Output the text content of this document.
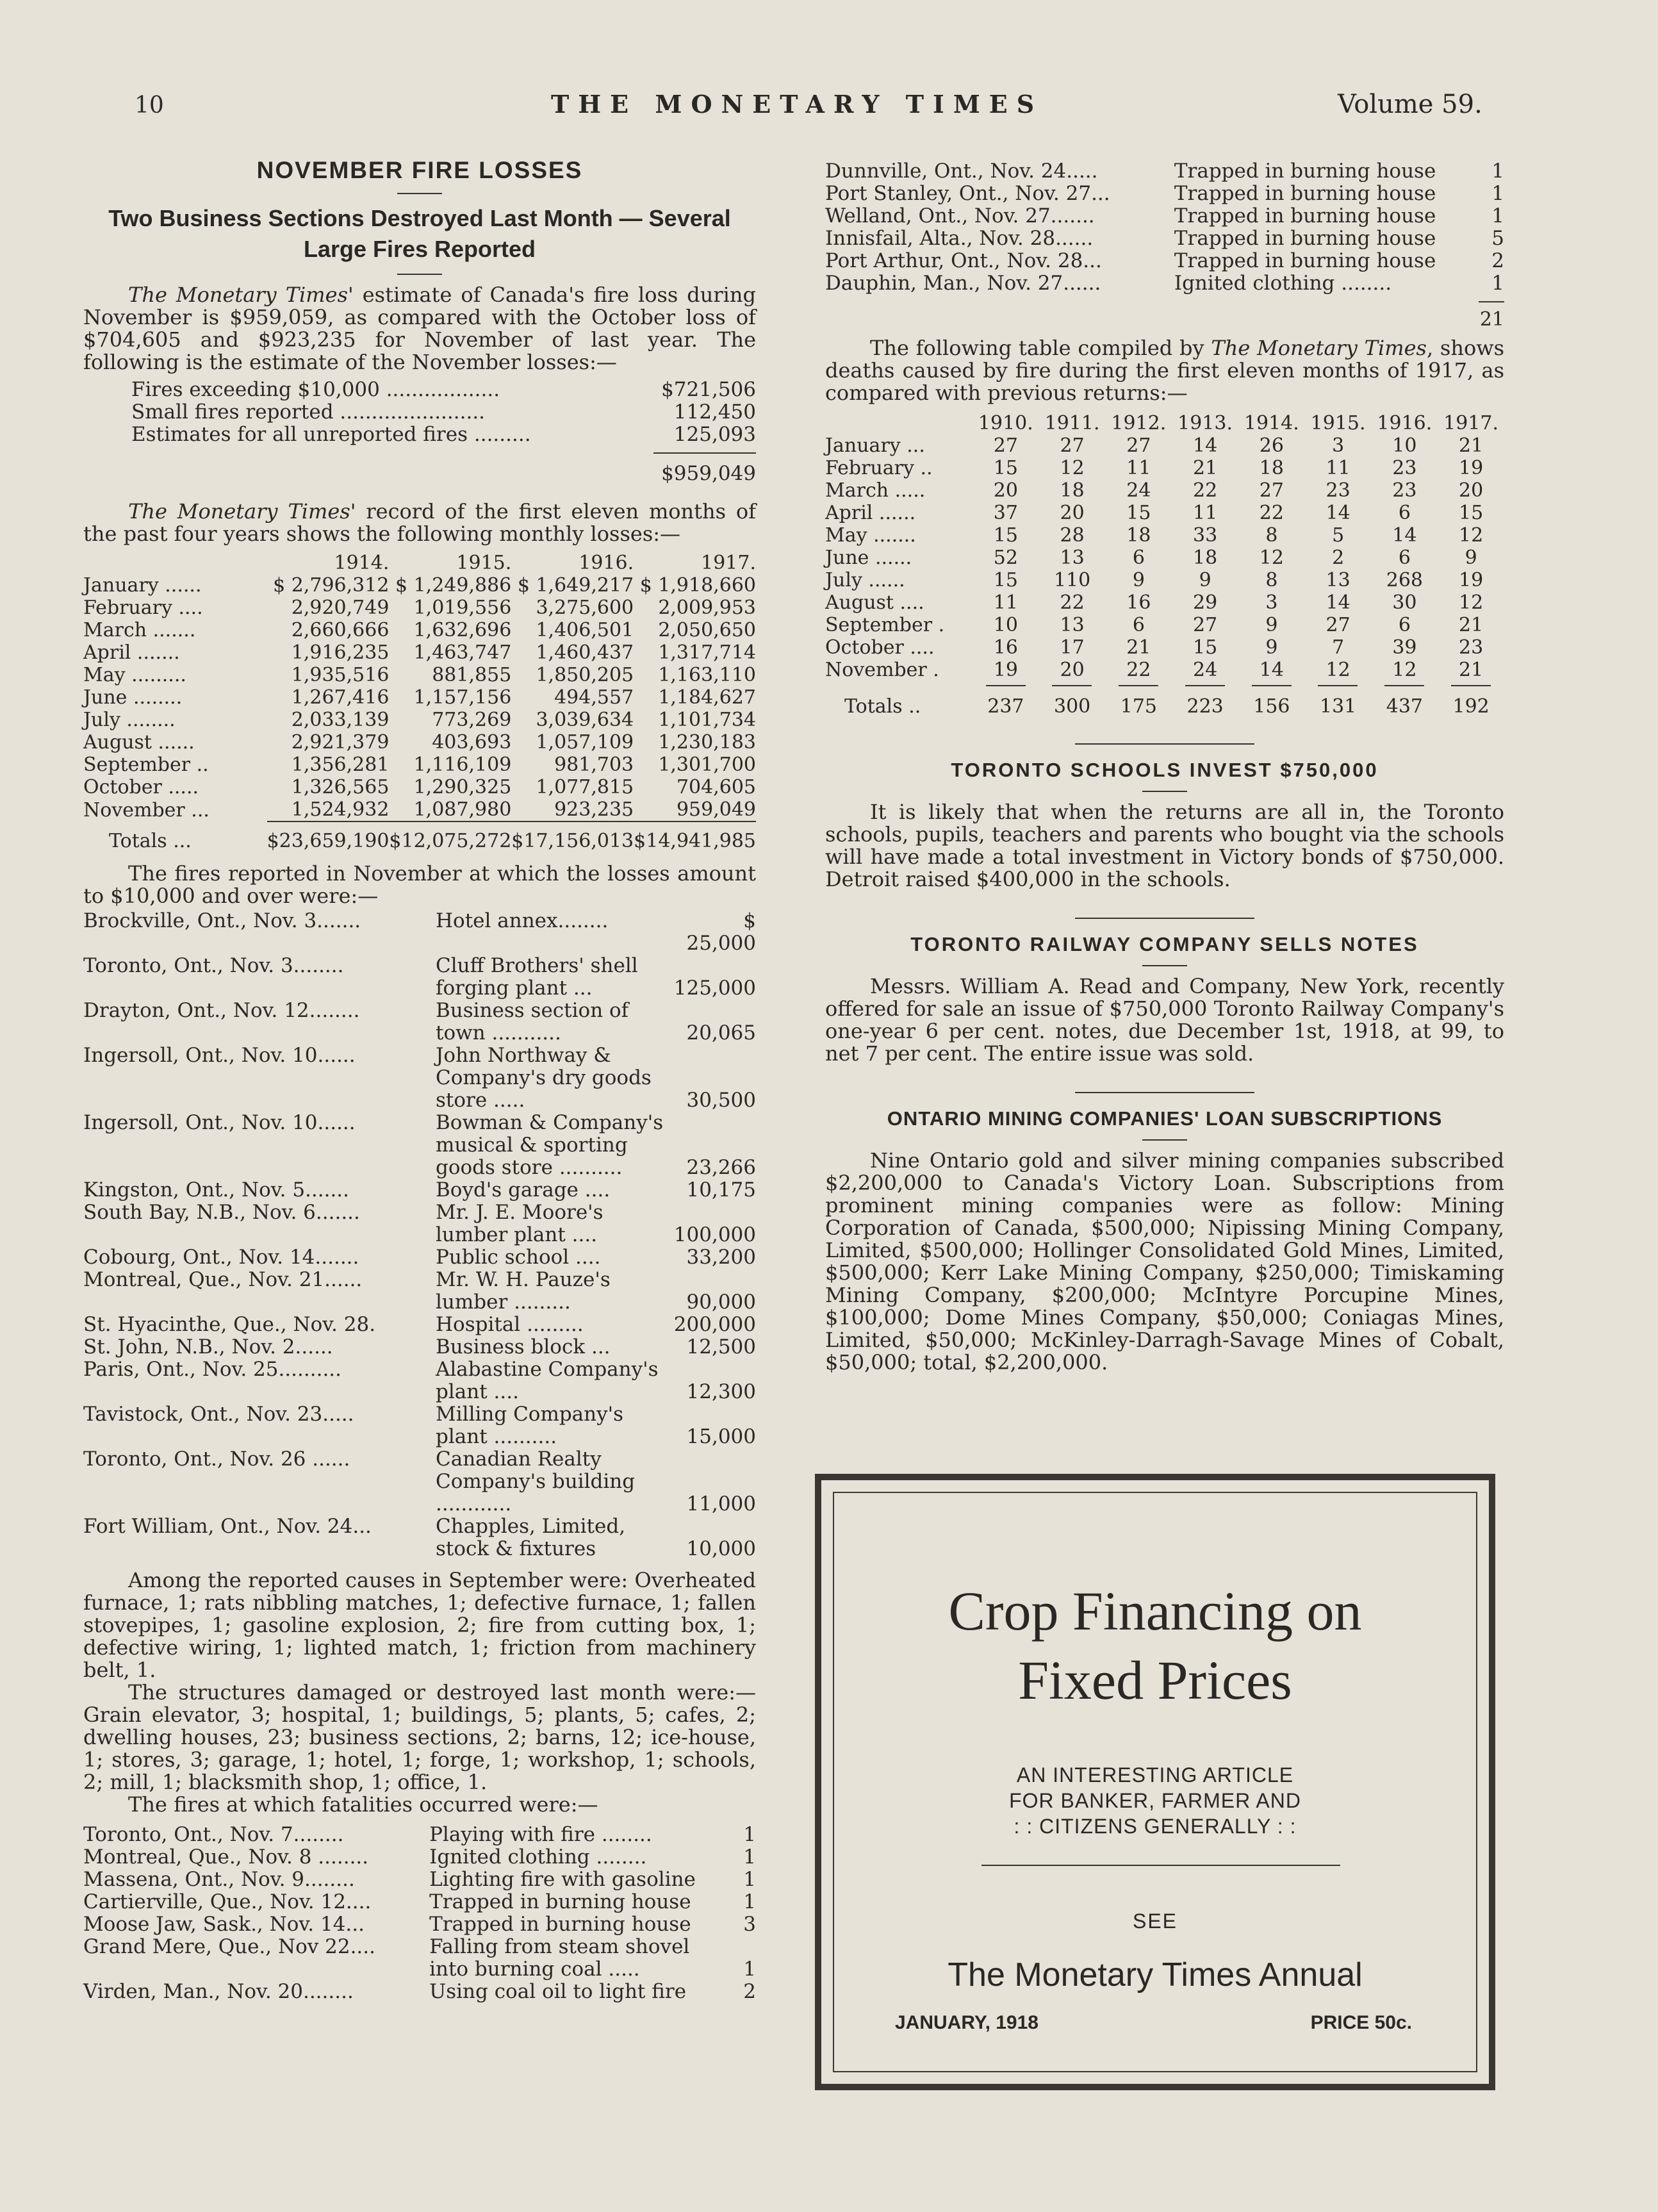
10	THE MONETARY TIMES	Volume 59.
NOVEMBER FIRE LOSSES
Two Business Sections Destroyed Last Month — Several Large Fires Reported

The Monetary Times' estimate of Canada's fire loss during November is $959,059, as compared with the October loss of $704,605 and $923,235 for November of last year. The following is the estimate of the November losses:—

Fires exceeding $10,000 ..................	$721,506
Small fires reported .......................	112,450
Estimates for all unreported fires .........	125,093
$959,049

The Monetary Times' record of the first eleven months of the past four years shows the following monthly losses:—

	1914.	1915.	1916.	1917.
January ......	$ 2,796,312	$ 1,249,886	$ 1,649,217	$ 1,918,660
February ....	2,920,749	1,019,556	3,275,600	2,009,953
March .......	2,660,666	1,632,696	1,406,501	2,050,650
April .......	1,916,235	1,463,747	1,460,437	1,317,714
May .........	1,935,516	881,855	1,850,205	1,163,110
June ........	1,267,416	1,157,156	494,557	1,184,627
July ........	2,033,139	773,269	3,039,634	1,101,734
August ......	2,921,379	403,693	1,057,109	1,230,183
September ..	1,356,281	1,116,109	981,703	1,301,700
October .....	1,326,565	1,290,325	1,077,815	704,605
November ...	1,524,932	1,087,980	923,235	959,049
Totals ...	$23,659,190	$12,075,272	$17,156,013	$14,941,985

The fires reported in November at which the losses amount to $10,000 and over were:—

Brockville, Ont., Nov. 3.......	Hotel annex........	$ 25,000
Toronto, Ont., Nov. 3........	Cluff Brothers' shell forging plant ...	125,000
Drayton, Ont., Nov. 12........	Business section of town ...........	20,065
Ingersoll, Ont., Nov. 10......	John Northway & Company's dry goods store .....	30,500
Ingersoll, Ont., Nov. 10......	Bowman & Company's musical & sporting goods store ..........	23,266
Kingston, Ont., Nov. 5.......	Boyd's garage ....	10,175
South Bay, N.B., Nov. 6.......	Mr. J. E. Moore's lumber plant ....	100,000
Cobourg, Ont., Nov. 14.......	Public school ....	33,200
Montreal, Que., Nov. 21......	Mr. W. H. Pauze's lumber .........	90,000
St. Hyacinthe, Que., Nov. 28.	Hospital .........	200,000
St. John, N.B., Nov. 2......	Business block ...	12,500
Paris, Ont., Nov. 25..........	Alabastine Company's plant ....	12,300
Tavistock, Ont., Nov. 23.....	Milling Company's plant ..........	15,000
Toronto, Ont., Nov. 26 ......	Canadian Realty Company's building ............	11,000
Fort William, Ont., Nov. 24...	Chapples, Limited, stock & fixtures	10,000

Among the reported causes in September were: Overheated furnace, 1; rats nibbling matches, 1; defective furnace, 1; fallen stovepipes, 1; gasoline explosion, 2; fire from cutting box, 1; defective wiring, 1; lighted match, 1; friction from machinery belt, 1.

The structures damaged or destroyed last month were:— Grain elevator, 3; hospital, 1; buildings, 5; plants, 5; cafes, 2; dwelling houses, 23; business sections, 2; barns, 12; ice-house, 1; stores, 3; garage, 1; hotel, 1; forge, 1; workshop, 1; schools, 2; mill, 1; blacksmith shop, 1; office, 1.

The fires at which fatalities occurred were:—

Toronto, Ont., Nov. 7........	Playing with fire ........	1
Montreal, Que., Nov. 8 ........	Ignited clothing ........	1
Massena, Ont., Nov. 9........	Lighting fire with gasoline	1
Cartierville, Que., Nov. 12....	Trapped in burning house	1
Moose Jaw, Sask., Nov. 14...	Trapped in burning house	3
Grand Mere, Que., Nov 22....	Falling from steam shovel into burning coal .....	1
Virden, Man., Nov. 20........	Using coal oil to light fire	2
Dunnville, Ont., Nov. 24.....	Trapped in burning house	1
Port Stanley, Ont., Nov. 27...	Trapped in burning house	1
Welland, Ont., Nov. 27.......	Trapped in burning house	1
Innisfail, Alta., Nov. 28......	Trapped in burning house	5
Port Arthur, Ont., Nov. 28...	Trapped in burning house	2
Dauphin, Man., Nov. 27......	Ignited clothing ........	1
21

The following table compiled by The Monetary Times, shows deaths caused by fire during the first eleven months of 1917, as compared with previous returns:—

	1910.	1911.	1912.	1913.	1914.	1915.	1916.	1917.
January ...	27	27	27	14	26	3	10	21
February ..	15	12	11	21	18	11	23	19
March .....	20	18	24	22	27	23	23	20
April ......	37	20	15	11	22	14	6	15
May .......	15	28	18	33	8	5	14	12
June ......	52	13	6	18	12	2	6	9
July ......	15	110	9	9	8	13	268	19
August ....	11	22	16	29	3	14	30	12
September .	10	13	6	27	9	27	6	21
October ....	16	17	21	15	9	7	39	23
November .	19	20	22	24	14	12	12	21
Totals ..	237	300	175	223	156	131	437	192
TORONTO SCHOOLS INVEST $750,000

It is likely that when the returns are all in, the Toronto schools, pupils, teachers and parents who bought via the schools will have made a total investment in Victory bonds of $750,000. Detroit raised $400,000 in the schools.

TORONTO RAILWAY COMPANY SELLS NOTES

Messrs. William A. Read and Company, New York, recently offered for sale an issue of $750,000 Toronto Railway Company's one-year 6 per cent. notes, due December 1st, 1918, at 99, to net 7 per cent. The entire issue was sold.

ONTARIO MINING COMPANIES' LOAN SUBSCRIPTIONS

Nine Ontario gold and silver mining companies subscribed $2,200,000 to Canada's Victory Loan. Subscriptions from prominent mining companies were as follow: Mining Corporation of Canada, $500,000; Nipissing Mining Company, Limited, $500,000; Hollinger Consolidated Gold Mines, Limited, $500,000; Kerr Lake Mining Company, $250,000; Timiskaming Mining Company, $200,000; McIntyre Porcupine Mines, $100,000; Dome Mines Company, $50,000; Coniagas Mines, Limited, $50,000; McKinley-Darragh-Savage Mines of Cobalt, $50,000; total, $2,200,000.

Crop Financing on
Fixed Prices
AN INTERESTING ARTICLE
FOR BANKER, FARMER AND
: : CITIZENS GENERALLY : :
SEE
The Monetary Times Annual
JANUARY, 1918	PRICE 50c.
